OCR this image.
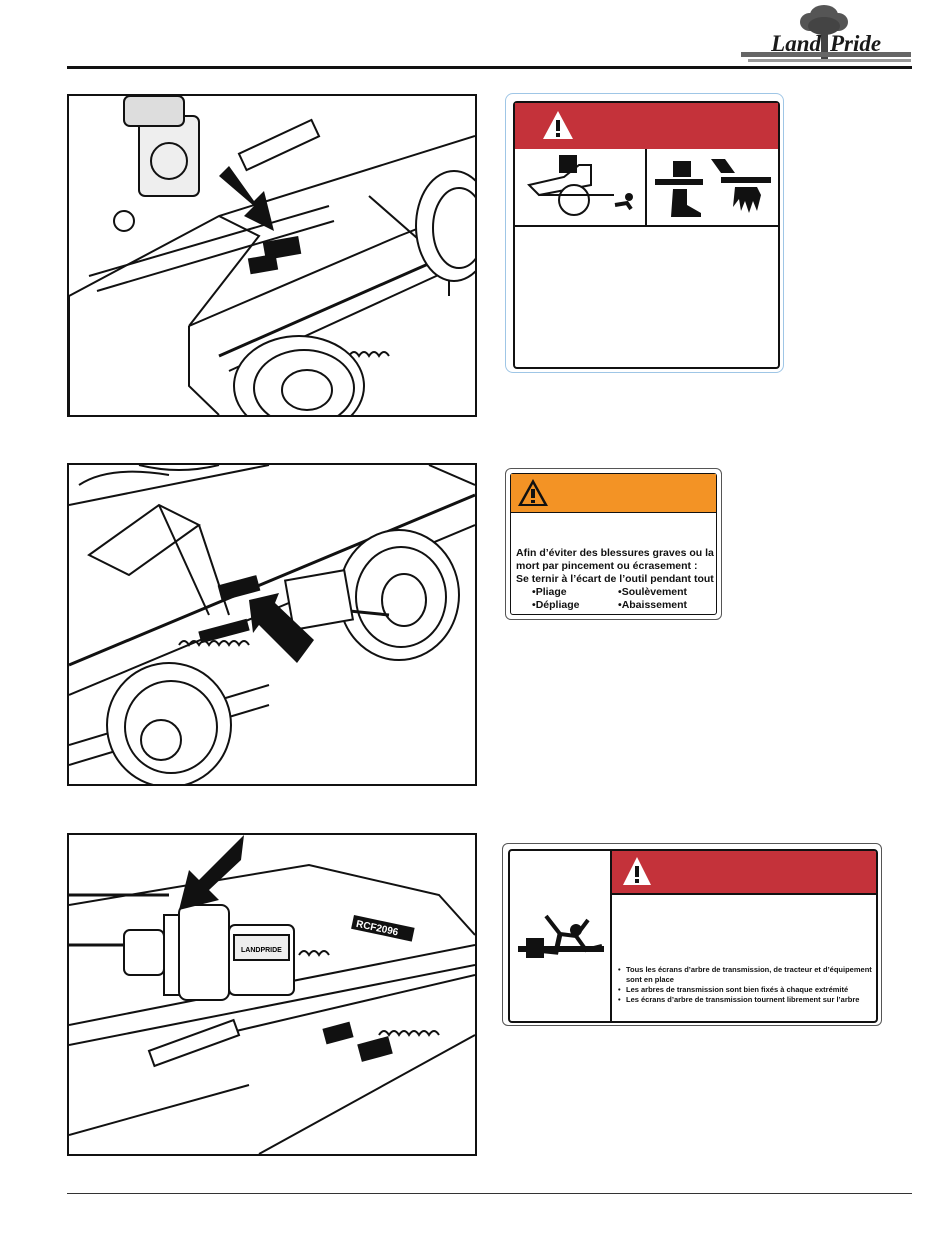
Land Pride
Afin d’éviter des blessures graves ou la mort par pincement ou écrasement :
Se ternir à l’écart de l’outil pendant tout
• Pliage	• Soulèvement
• Dépliage	• Abaissement
LANDPRIDE
RCF2096
• Tous les écrans d’arbre de transmission, de tracteur et d’équipement sont en place
• Les arbres de transmission sont bien fixés à chaque extrémité
• Les écrans d’arbre de transmission tournent librement sur l’arbre
